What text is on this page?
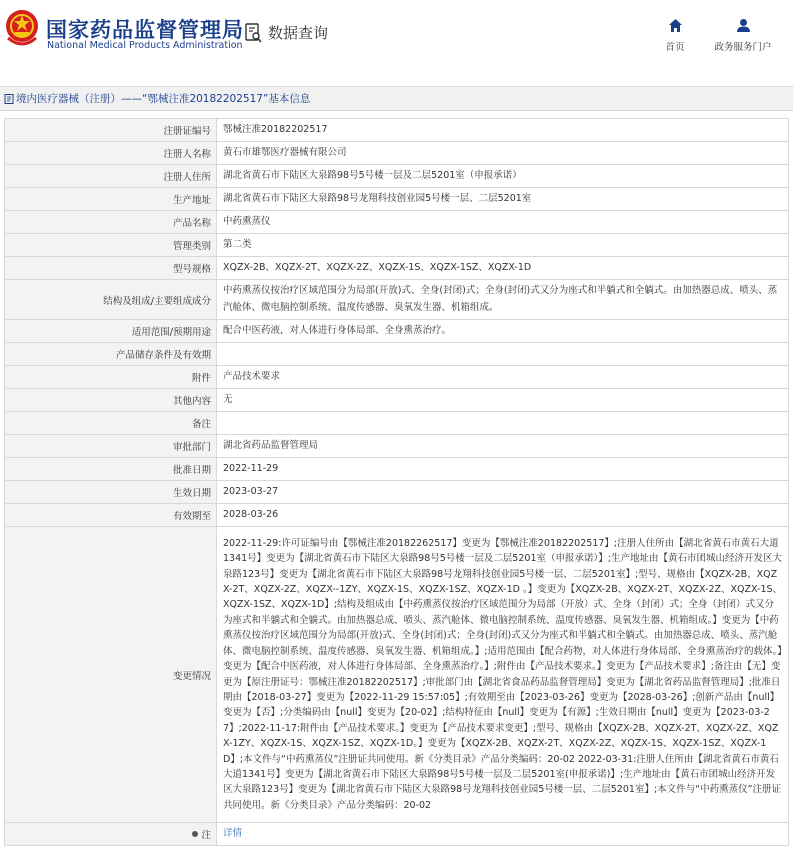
国家药品监督管理局
National Medical Products Administration
数据查询
首页	政务服务门户
境内医疗器械（注册）——“鄂械注准20182202517”基本信息
注册证编号	鄂械注准20182202517
注册人名称	黄石市雄鄂医疗器械有限公司
注册人住所	湖北省黄石市下陆区大泉路98号5号楼一层及二层5201室（申报承诺）
生产地址	湖北省黄石市下陆区大泉路98号龙翔科技创业园5号楼一层、二层5201室
产品名称	中药熏蒸仪
管理类别	第二类
型号规格	XQZX-2B、XQZX-2T、XQZX-2Z、XQZX-1S、XQZX-1SZ、XQZX-1D
结构及组成/主要组成成分	中药熏蒸仪按治疗区域范围分为局部(开放)式、全身(封闭)式；全身(封闭)式又分为座式和半躺式和全躺式。由加热器总成、喷头、蒸汽舱体、微电脑控制系统、温度传感器、臭氧发生器、机箱组成。
适用范围/预期用途	配合中医药液，对人体进行身体局部、全身熏蒸治疗。
产品储存条件及有效期	
附件	产品技术要求
其他内容	无
备注	
审批部门	湖北省药品监督管理局
批准日期	2022-11-29
生效日期	2023-03-27
有效期至	2028-03-26
变更情况	2022-11-29:许可证编号由【鄂械注准20182262517】变更为【鄂械注准20182202517】;注册人住所由【湖北省黄石市黄石大道1341号】变更为【湖北省黄石市下陆区大泉路98号5号楼一层及二层5201室（申报承诺）】;生产地址由【黄石市团城山经济开发区大泉路123号】变更为【湖北省黄石市下陆区大泉路98号龙翔科技创业园5号楼一层、二层5201室】;型号、规格由【XQZX-2B、XQZX-2T、XQZX-2Z、XQZX--1ZY、XQZX-1S、XQZX-1SZ、XQZX-1D 。】变更为【XQZX-2B、XQZX-2T、XQZX-2Z、XQZX-1S、XQZX-1SZ、XQZX-1D】;结构及组成由【中药熏蒸仪按治疗区域范围分为局部（开放）式、全身（封闭）式；全身（封闭）式又分为座式和半躺式和全躺式。由加热器总成、喷头、蒸汽舱体、微电脑控制系统、温度传感器、臭氧发生器、机箱组成。】变更为【中药熏蒸仪按治疗区域范围分为局部(开放)式、全身(封闭)式；全身(封闭)式又分为座式和半躺式和全躺式。由加热器总成、喷头、蒸汽舱体、微电脑控制系统、温度传感器、臭氧发生器、机箱组成。】;适用范围由【配合药物，对人体进行身体局部、全身熏蒸治疗的载体。】变更为【配合中医药液，对人体进行身体局部、全身熏蒸治疗。】;附件由【产品技术要求。】变更为【产品技术要求】;备注由【无】变更为【原注册证号：鄂械注准20182202517】;审批部门由【湖北省食品药品监督管理局】变更为【湖北省药品监督管理局】;批准日期由【2018-03-27】变更为【2022-11-29 15:57:05】;有效期至由【2023-03-26】变更为【2028-03-26】;创新产品由【null】变更为【否】;分类编码由【null】变更为【20-02】;结构特征由【null】变更为【有源】;生效日期由【null】变更为【2023-03-27】;2022-11-17:附件由【产品技术要求。】变更为【产品技术要求变更】;型号、规格由【XQZX-2B、XQZX-2T、XQZX-2Z、XQZX-1ZY、XQZX-1S、XQZX-1SZ、XQZX-1D。】变更为【XQZX-2B、XQZX-2T、XQZX-2Z、XQZX-1S、XQZX-1SZ、XQZX-1D】;本文件与“中药熏蒸仪”注册证共同使用。新《分类目录》产品分类编码：20-02 2022-03-31:注册人住所由【湖北省黄石市黄石大道1341号】变更为【湖北省黄石市下陆区大泉路98号5号楼一层及二层5201室(申报承诺)】;生产地址由【黄石市团城山经济开发区大泉路123号】变更为【湖北省黄石市下陆区大泉路98号龙翔科技创业园5号楼一层、二层5201室】;本文件与“中药熏蒸仪”注册证共同使用。新《分类目录》产品分类编码：20-02

注	详情
